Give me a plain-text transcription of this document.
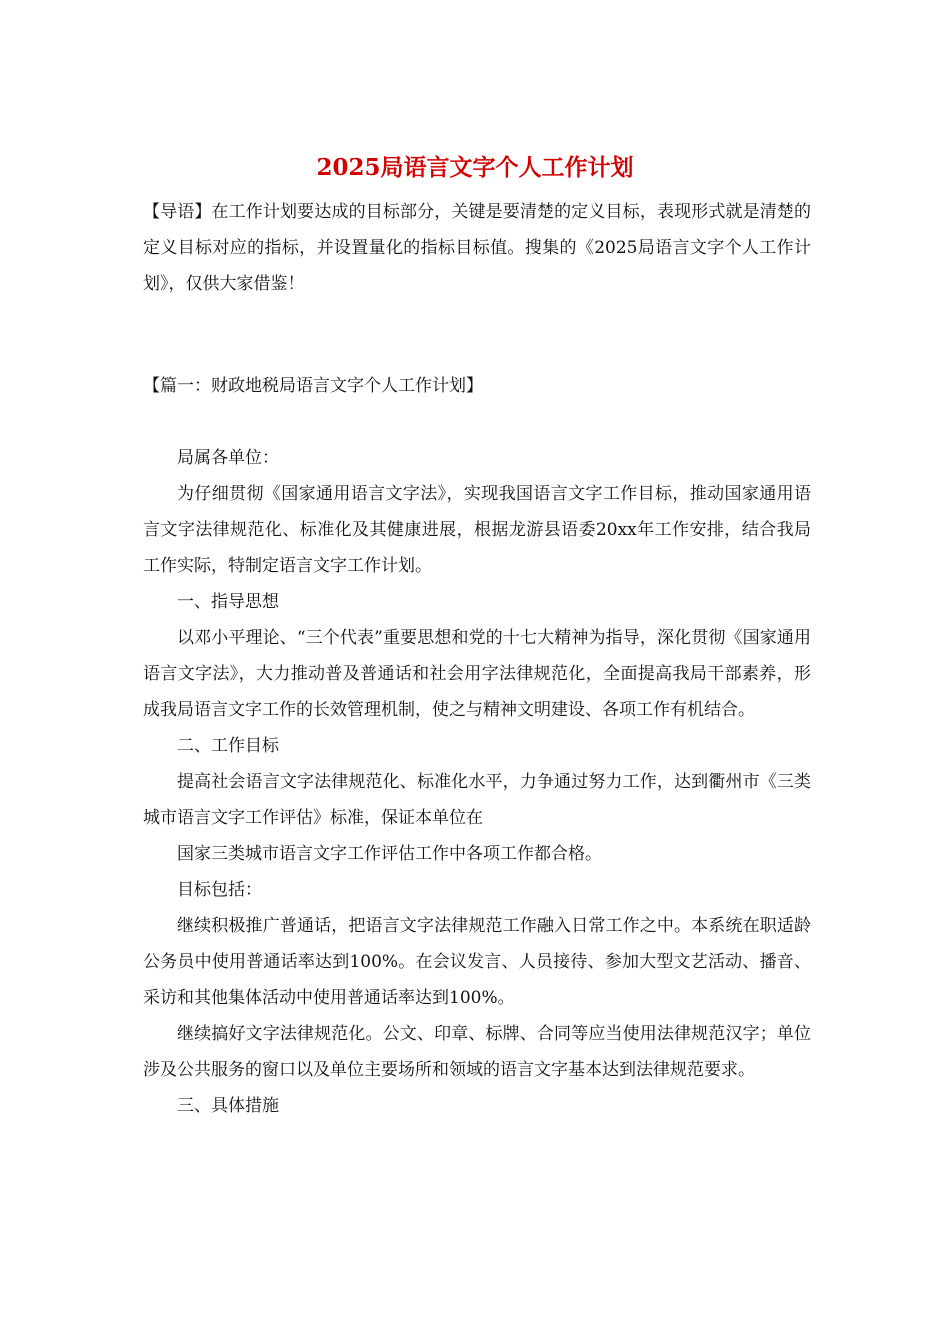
2025局语言文字个人工作计划

【导语】在工作计划要达成的目标部分，关键是要清楚的定义目标，表现形式就是清楚的定义目标对应的指标，并设置量化的指标目标值。搜集的《2025局语言文字个人工作计划》，仅供大家借鉴！

【篇一：财政地税局语言文字个人工作计划】

局属各单位：

为仔细贯彻《国家通用语言文字法》，实现我国语言文字工作目标，推动国家通用语言文字法律规范化、标准化及其健康进展，根据龙游县语委20xx年工作安排，结合我局工作实际，特制定语言文字工作计划。

一、指导思想

以邓小平理论、“三个代表”重要思想和党的十七大精神为指导，深化贯彻《国家通用语言文字法》，大力推动普及普通话和社会用字法律规范化，全面提高我局干部素养，形成我局语言文字工作的长效管理机制，使之与精神文明建设、各项工作有机结合。

二、工作目标

提高社会语言文字法律规范化、标准化水平，力争通过努力工作，达到衢州市《三类城市语言文字工作评估》标准，保证本单位在

国家三类城市语言文字工作评估工作中各项工作都合格。

目标包括：

继续积极推广普通话，把语言文字法律规范工作融入日常工作之中。本系统在职适龄公务员中使用普通话率达到100%。在会议发言、人员接待、参加大型文艺活动、播音、采访和其他集体活动中使用普通话率达到100%。

继续搞好文字法律规范化。公文、印章、标牌、合同等应当使用法律规范汉字；单位涉及公共服务的窗口以及单位主要场所和领域的语言文字基本达到法律规范要求。

三、具体措施
